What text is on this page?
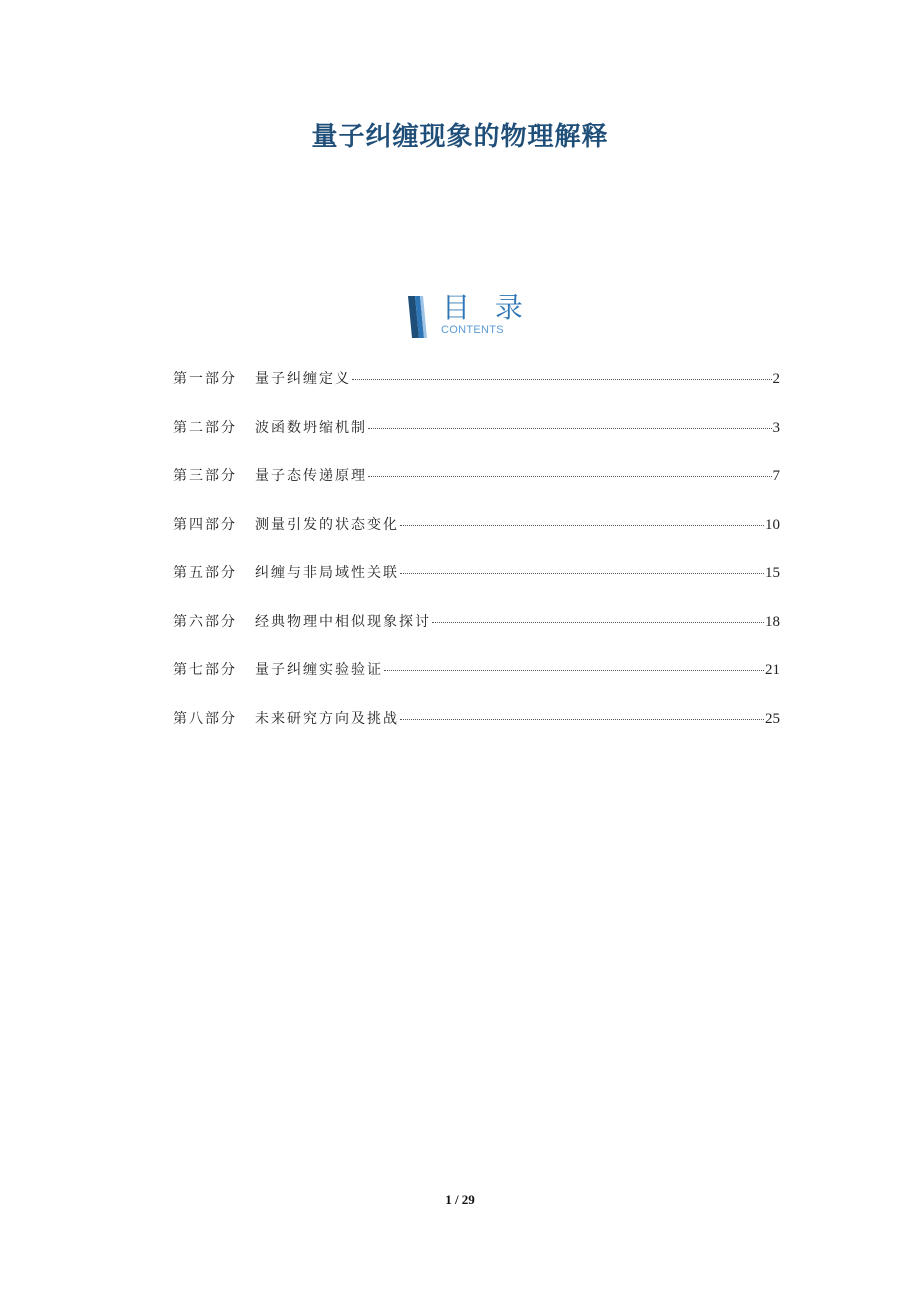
量子纠缠现象的物理解释
目 录
CONTENTS
第一部分	量子纠缠定义	2
第二部分	波函数坍缩机制	3
第三部分	量子态传递原理	7
第四部分	测量引发的状态变化	10
第五部分	纠缠与非局域性关联	15
第六部分	经典物理中相似现象探讨	18
第七部分	量子纠缠实验验证	21
第八部分	未来研究方向及挑战	25
1 / 29
